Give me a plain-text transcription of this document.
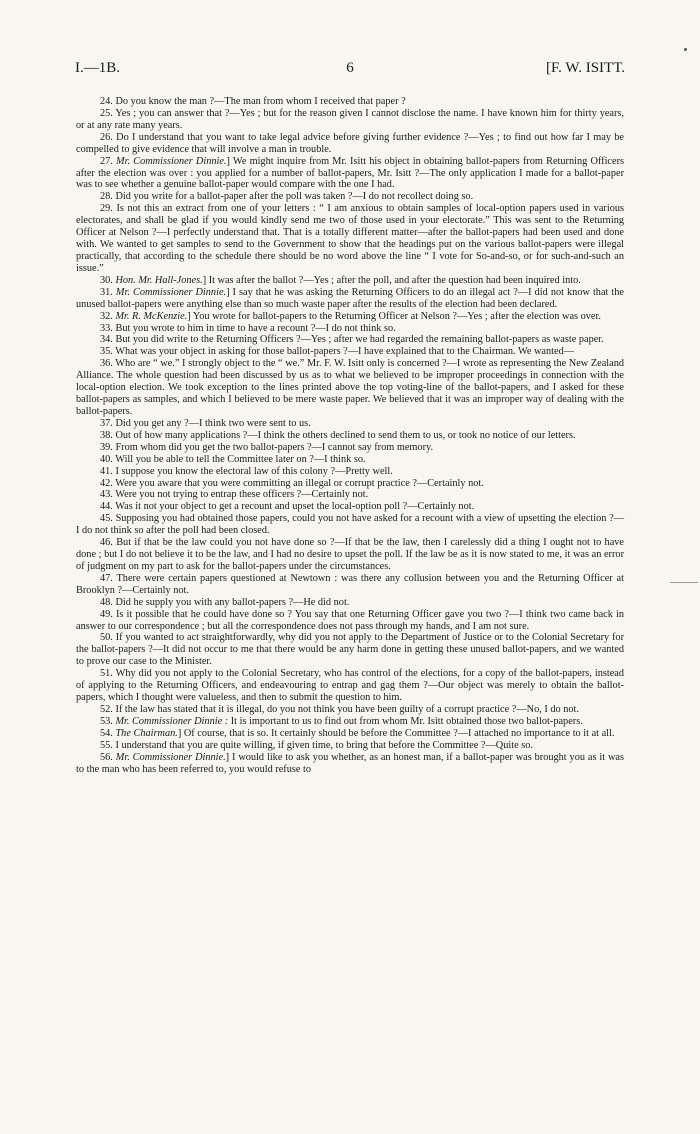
I.—1B.	6	[F. W. ISITT.

24. Do you know the man ?—The man from whom I received that paper ?

25. Yes ; you can answer that ?—Yes ; but for the reason given I cannot disclose the name. I have known him for thirty years, or at any rate many years.

26. Do I understand that you want to take legal advice before giving further evidence ?—Yes ; to find out how far I may be compelled to give evidence that will involve a man in trouble.

27. Mr. Commissioner Dinnie.] We might inquire from Mr. Isitt his object in obtaining ballot-papers from Returning Officers after the election was over : you applied for a number of ballot-papers, Mr. Isitt ?—The only application I made for a ballot-paper was to see whether a genuine ballot-paper would compare with the one I had.

28. Did you write for a ballot-paper after the poll was taken ?—I do not recollect doing so.

29. Is not this an extract from one of your letters : “ I am anxious to obtain samples of local-option papers used in various electorates, and shall be glad if you would kindly send me two of those used in your electorate.” This was sent to the Returning Officer at Nelson ?—I perfectly understand that. That is a totally different matter—after the ballot-papers had been used and done with. We wanted to get samples to send to the Government to show that the headings put on the various ballot-papers were illegal practically, that according to the schedule there should be no word above the line “ I vote for So-and-so, or for such-and-such an issue.”

30. Hon. Mr. Hall-Jones.] It was after the ballot ?—Yes ; after the poll, and after the question had been inquired into.

31. Mr. Commissioner Dinnie.] I say that he was asking the Returning Officers to do an illegal act ?—I did not know that the unused ballot-papers were anything else than so much waste paper after the results of the election had been declared.

32. Mr. R. McKenzie.] You wrote for ballot-papers to the Returning Officer at Nelson ?—Yes ; after the election was over.

33. But you wrote to him in time to have a recount ?—I do not think so.

34. But you did write to the Returning Officers ?—Yes ; after we had regarded the remaining ballot-papers as waste paper.

35. What was your object in asking for those ballot-papers ?—I have explained that to the Chairman. We wanted—

36. Who are “ we.” I strongly object to the “ we.” Mr. F. W. Isitt only is concerned ?—I wrote as representing the New Zealand Alliance. The whole question had been discussed by us as to what we believed to be improper proceedings in connection with the local-option election. We took exception to the lines printed above the top voting-line of the ballot-papers, and I asked for these ballot-papers as samples, and which I believed to be mere waste paper. We believed that it was an improper way of dealing with the ballot-papers.

37. Did you get any ?—I think two were sent to us.

38. Out of how many applications ?—I think the others declined to send them to us, or took no notice of our letters.

39. From whom did you get the two ballot-papers ?—I cannot say from memory.

40. Will you be able to tell the Committee later on ?—I think so.

41. I suppose you know the electoral law of this colony ?—Pretty well.

42. Were you aware that you were committing an illegal or corrupt practice ?—Certainly not.

43. Were you not trying to entrap these officers ?—Certainly not.

44. Was it not your object to get a recount and upset the local-option poll ?—Certainly not.

45. Supposing you had obtained those papers, could you not have asked for a recount with a view of upsetting the election ?—I do not think so after the poll had been closed.

46. But if that be the law could you not have done so ?—If that be the law, then I carelessly did a thing I ought not to have done ; but I do not believe it to be the law, and I had no desire to upset the poll. If the law be as it is now stated to me, it was an error of judgment on my part to ask for the ballot-papers under the circumstances.

47. There were certain papers questioned at Newtown : was there any collusion between you and the Returning Officer at Brooklyn ?—Certainly not.

48. Did he supply you with any ballot-papers ?—He did not.

49. Is it possible that he could have done so ? You say that one Returning Officer gave you two ?—I think two came back in answer to our correspondence ; but all the correspondence does not pass through my hands, and I am not sure.

50. If you wanted to act straightforwardly, why did you not apply to the Department of Justice or to the Colonial Secretary for the ballot-papers ?—It did not occur to me that there would be any harm done in getting these unused ballot-papers, and we wanted to prove our case to the Minister.

51. Why did you not apply to the Colonial Secretary, who has control of the elections, for a copy of the ballot-papers, instead of applying to the Returning Officers, and endeavouring to entrap and gag them ?—Our object was merely to obtain the ballot-papers, which I thought were valueless, and then to submit the question to him.

52. If the law has stated that it is illegal, do you not think you have been guilty of a corrupt practice ?—No, I do not.

53. Mr. Commissioner Dinnie : It is important to us to find out from whom Mr. Isitt obtained those two ballot-papers.

54. The Chairman.] Of course, that is so. It certainly should be before the Committee ?—I attached no importance to it at all.

55. I understand that you are quite willing, if given time, to bring that before the Committee ?—Quite so.

56. Mr. Commissioner Dinnie.] I would like to ask you whether, as an honest man, if a ballot-paper was brought you as it was to the man who has been referred to, you would refuse to
